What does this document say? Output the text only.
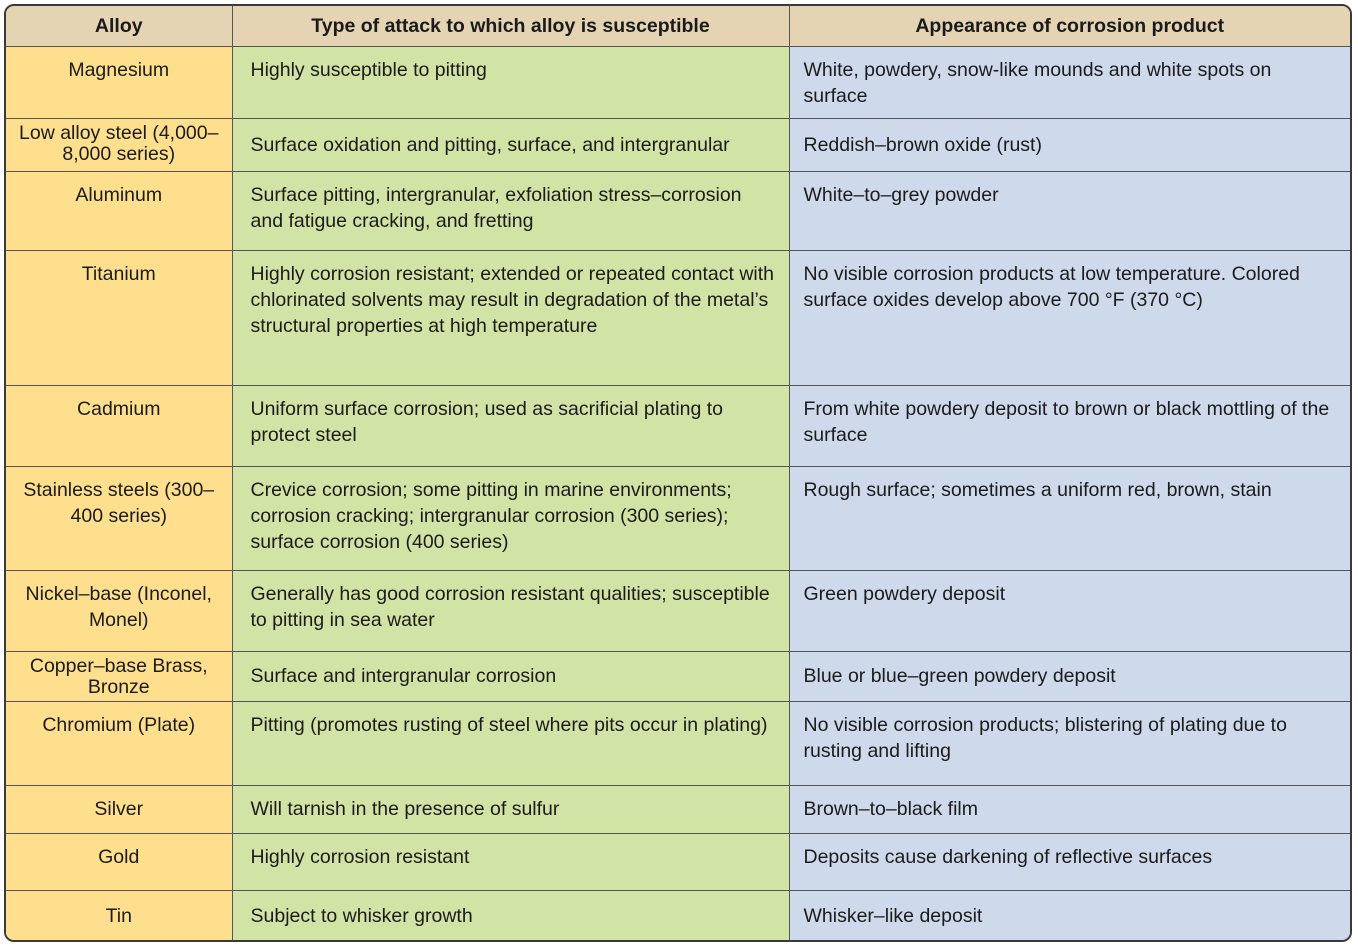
Alloy	Type of attack to which alloy is susceptible	Appearance of corrosion product
Magnesium	Highly susceptible to pitting	White, powdery, snow-like mounds and white spots on surface
Low alloy steel (4,000–8,000 series)	Surface oxidation and pitting, surface, and intergranular	Reddish–brown oxide (rust)
Aluminum	Surface pitting, intergranular, exfoliation stress–corrosion and fatigue cracking, and fretting	White–to–grey powder
Titanium	Highly corrosion resistant; extended or repeated contact with chlorinated solvents may result in degradation of the metal’s structural properties at high temperature	No visible corrosion products at low temperature. Colored surface oxides develop above 700 °F (370 °C)
Cadmium	Uniform surface corrosion; used as sacrificial plating to protect steel	From white powdery deposit to brown or black mottling of the surface
Stainless steels (300–400 series)	Crevice corrosion; some pitting in marine environments; corrosion cracking; intergranular corrosion (300 series); surface corrosion (400 series)	Rough surface; sometimes a uniform red, brown, stain
Nickel–base (Inconel, Monel)	Generally has good corrosion resistant qualities; susceptible to pitting in sea water	Green powdery deposit
Copper–base Brass, Bronze	Surface and intergranular corrosion	Blue or blue–green powdery deposit
Chromium (Plate)	Pitting (promotes rusting of steel where pits occur in plating)	No visible corrosion products; blistering of plating due to rusting and lifting
Silver	Will tarnish in the presence of sulfur	Brown–to–black film
Gold	Highly corrosion resistant	Deposits cause darkening of reflective surfaces
Tin	Subject to whisker growth	Whisker–like deposit
